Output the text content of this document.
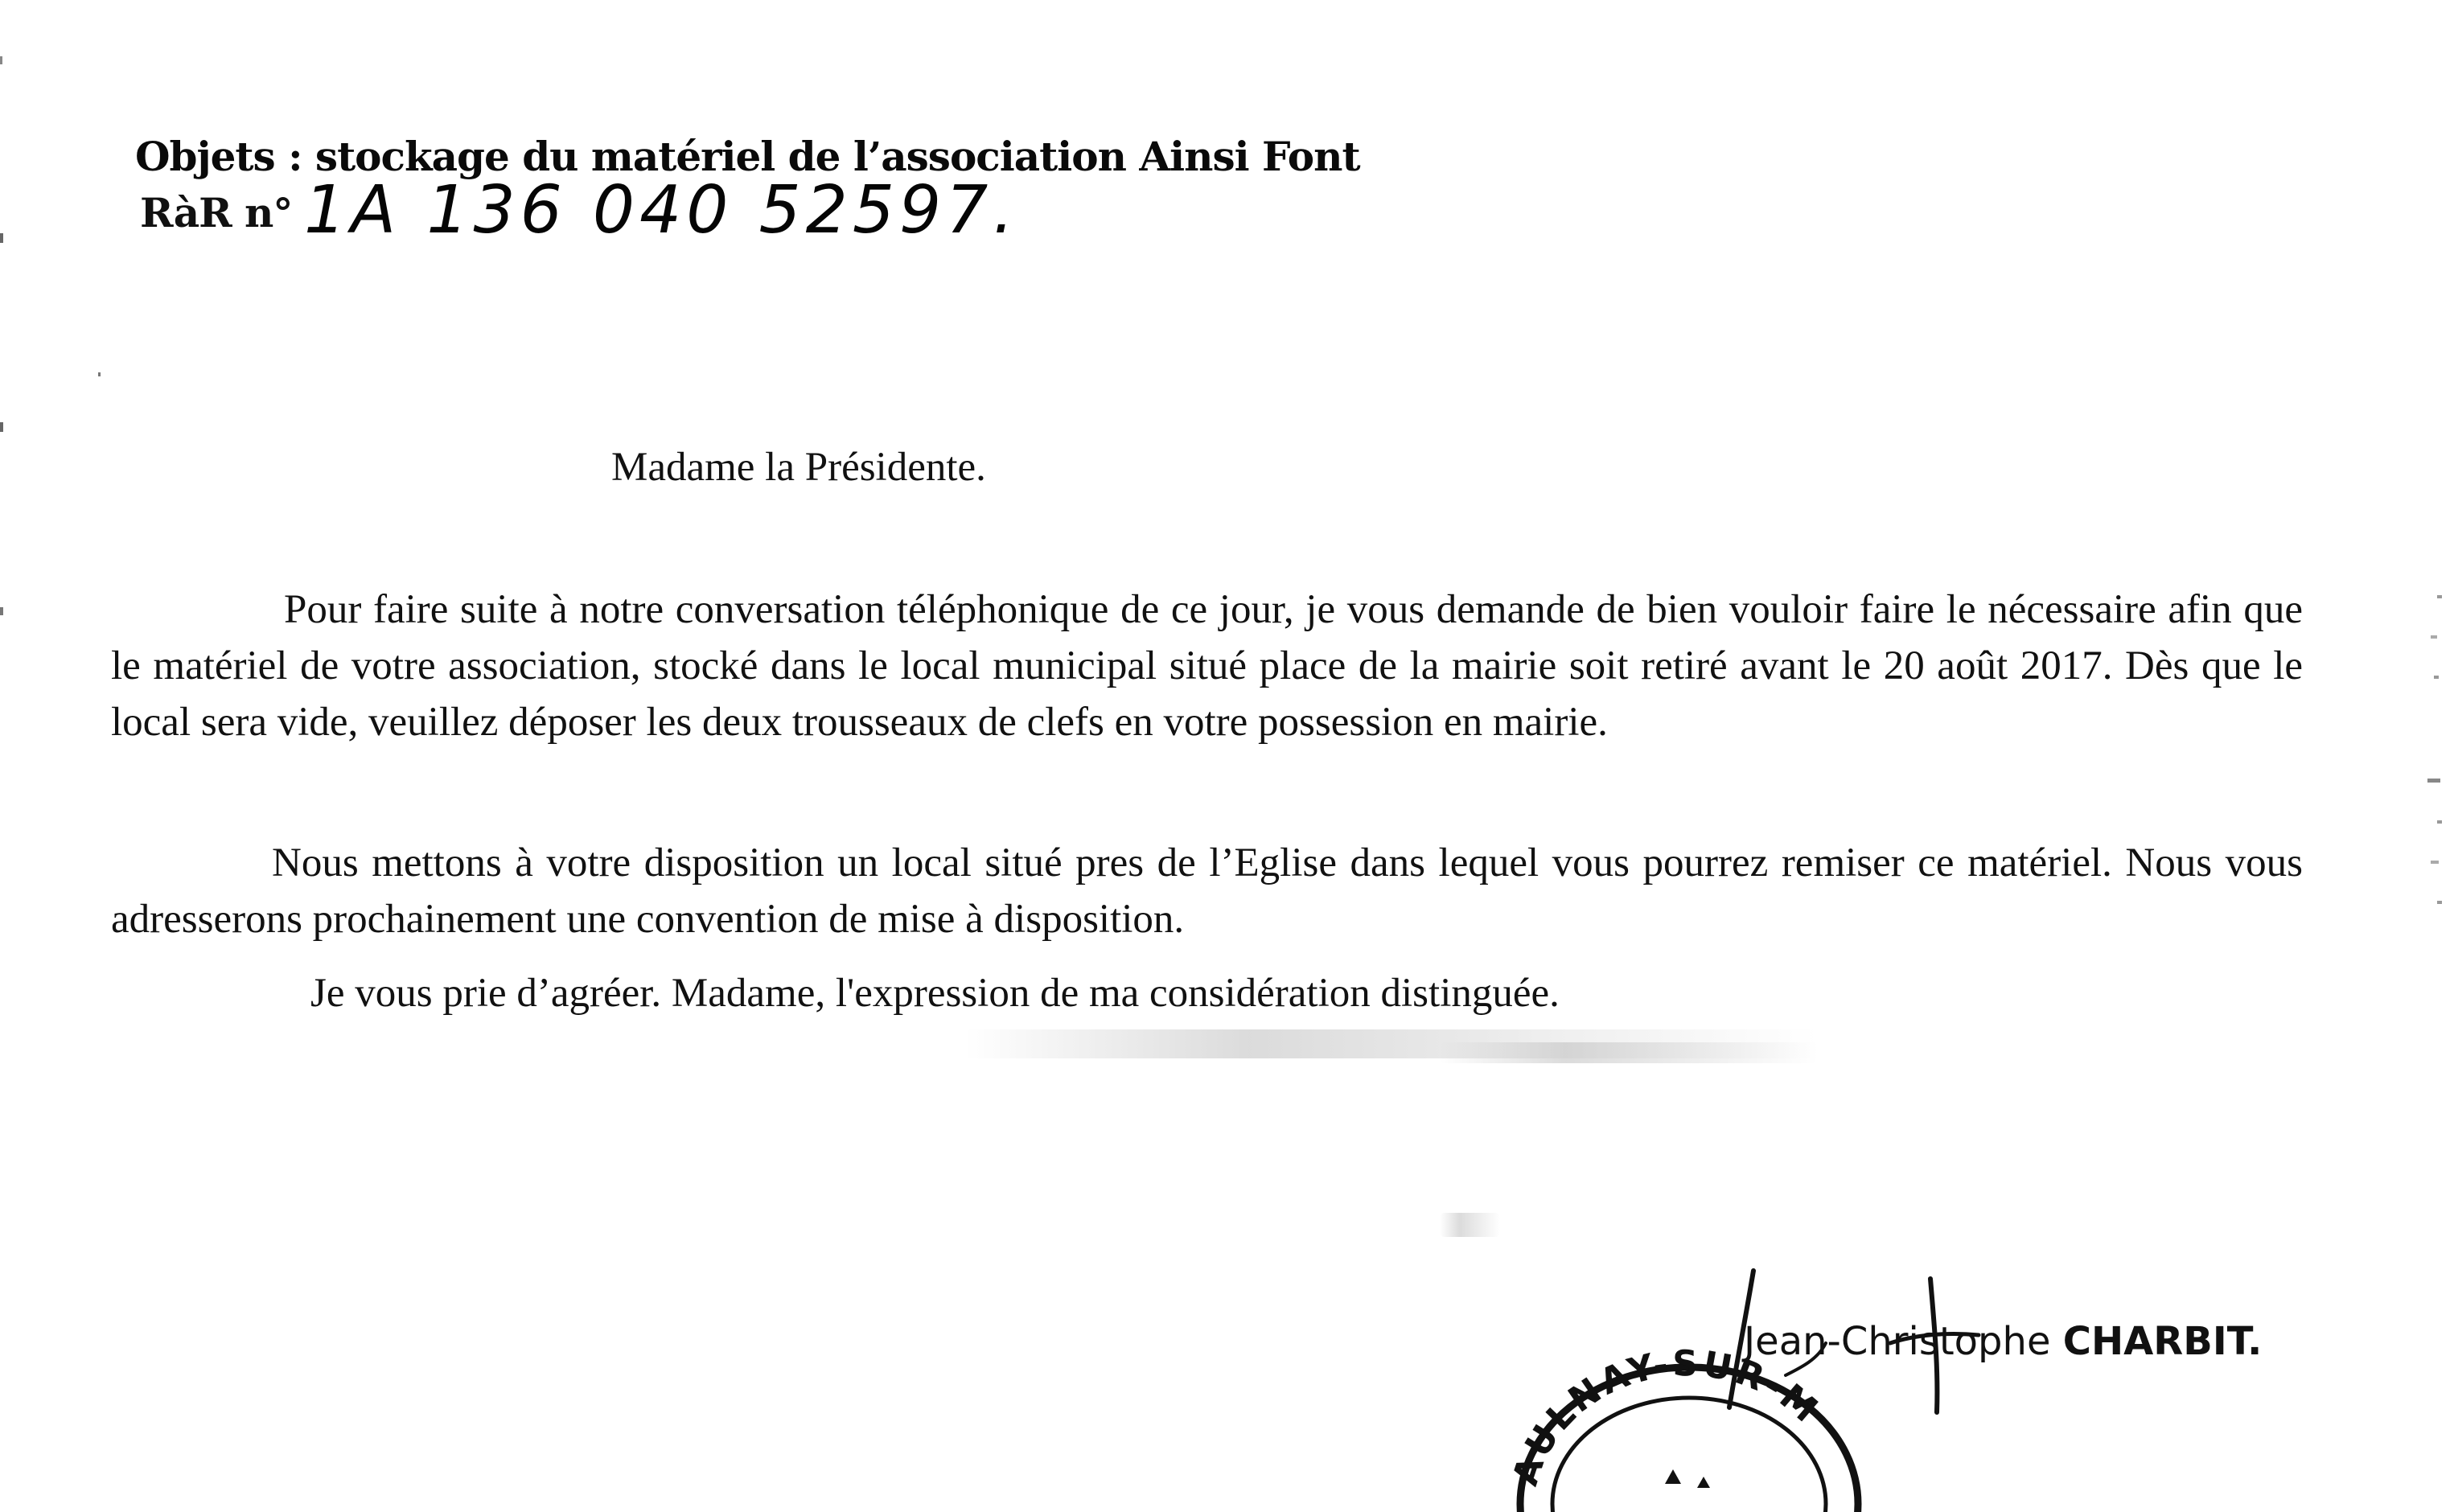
Objets : stockage du matériel de l’association Ainsi Font
RàR n° 1A 136 040 52597.
Madame la Présidente.
Pour faire suite à notre conversation téléphonique de ce jour, je vous demande de bien vouloir faire le nécessaire afin que le matériel de votre association, stocké dans le local municipal situé place de la mairie soit retiré avant le 20 août 2017. Dès que le local sera vide, veuillez déposer les deux trousseaux de clefs en votre possession en mairie.
Nous mettons à votre disposition un local situé pres de l’Eglise dans lequel vous pourrez remiser ce matériel. Nous vous adresserons prochainement une convention de mise à disposition.
Je vous prie d’agréer. Madame, l'expression de ma considération distinguée.
AULNAY-SUR-M
Jean-Christophe CHARBIT.
